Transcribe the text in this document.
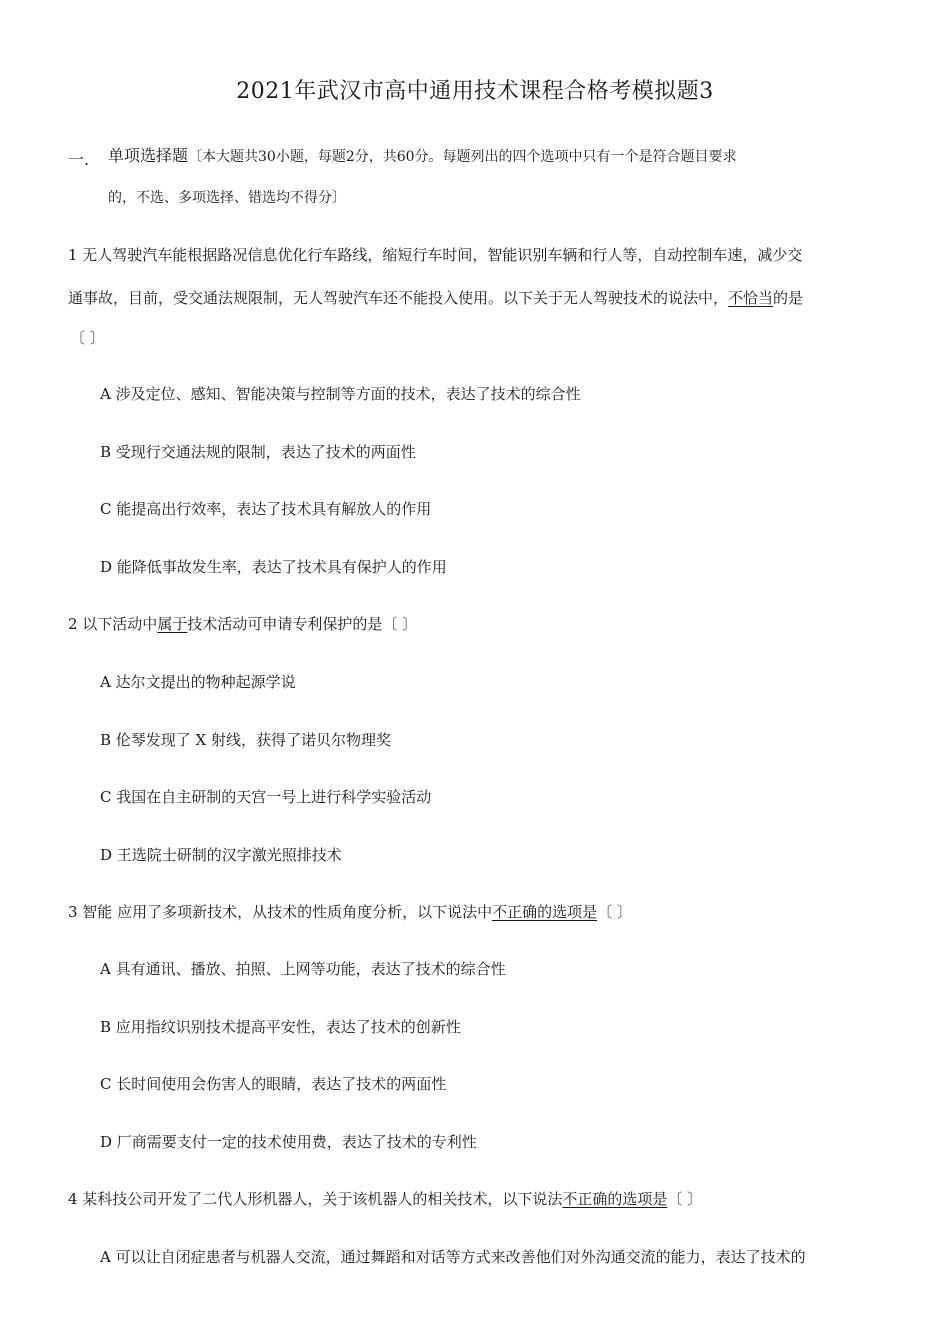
2021年武汉市高中通用技术课程合格考模拟题3
一. 单项选择题〔本大题共30小题，每题2分，共60分。每题列出的四个选项中只有一个是符合题目要求
的，不选、多项选择、错选均不得分〕
1 无人驾驶汽车能根据路况信息优化行车路线，缩短行车时间，智能识别车辆和行人等，自动控制车速，减少交
通事故，目前，受交通法规限制，无人驾驶汽车还不能投入使用。以下关于无人驾驶技术的说法中，不恰当的是
〔 〕
A 涉及定位、感知、智能决策与控制等方面的技术，表达了技术的综合性
B 受现行交通法规的限制，表达了技术的两面性
C 能提高出行效率，表达了技术具有解放人的作用
D 能降低事故发生率，表达了技术具有保护人的作用
2 以下活动中属于技术活动可申请专利保护的是〔 〕
A 达尔文提出的物种起源学说
B 伦琴发现了 X 射线，获得了诺贝尔物理奖
C 我国在自主研制的天宫一号上进行科学实验活动
D 王选院士研制的汉字激光照排技术
3 智能 应用了多项新技术，从技术的性质角度分析，以下说法中不正确的选项是〔 〕
A 具有通讯、播放、拍照、上网等功能，表达了技术的综合性
B 应用指纹识别技术提高平安性，表达了技术的创新性
C 长时间使用会伤害人的眼睛，表达了技术的两面性
D 厂商需要支付一定的技术使用费，表达了技术的专利性
4 某科技公司开发了二代人形机器人，关于该机器人的相关技术，以下说法不正确的选项是〔 〕
A 可以让自闭症患者与机器人交流，通过舞蹈和对话等方式来改善他们对外沟通交流的能力，表达了技术的
